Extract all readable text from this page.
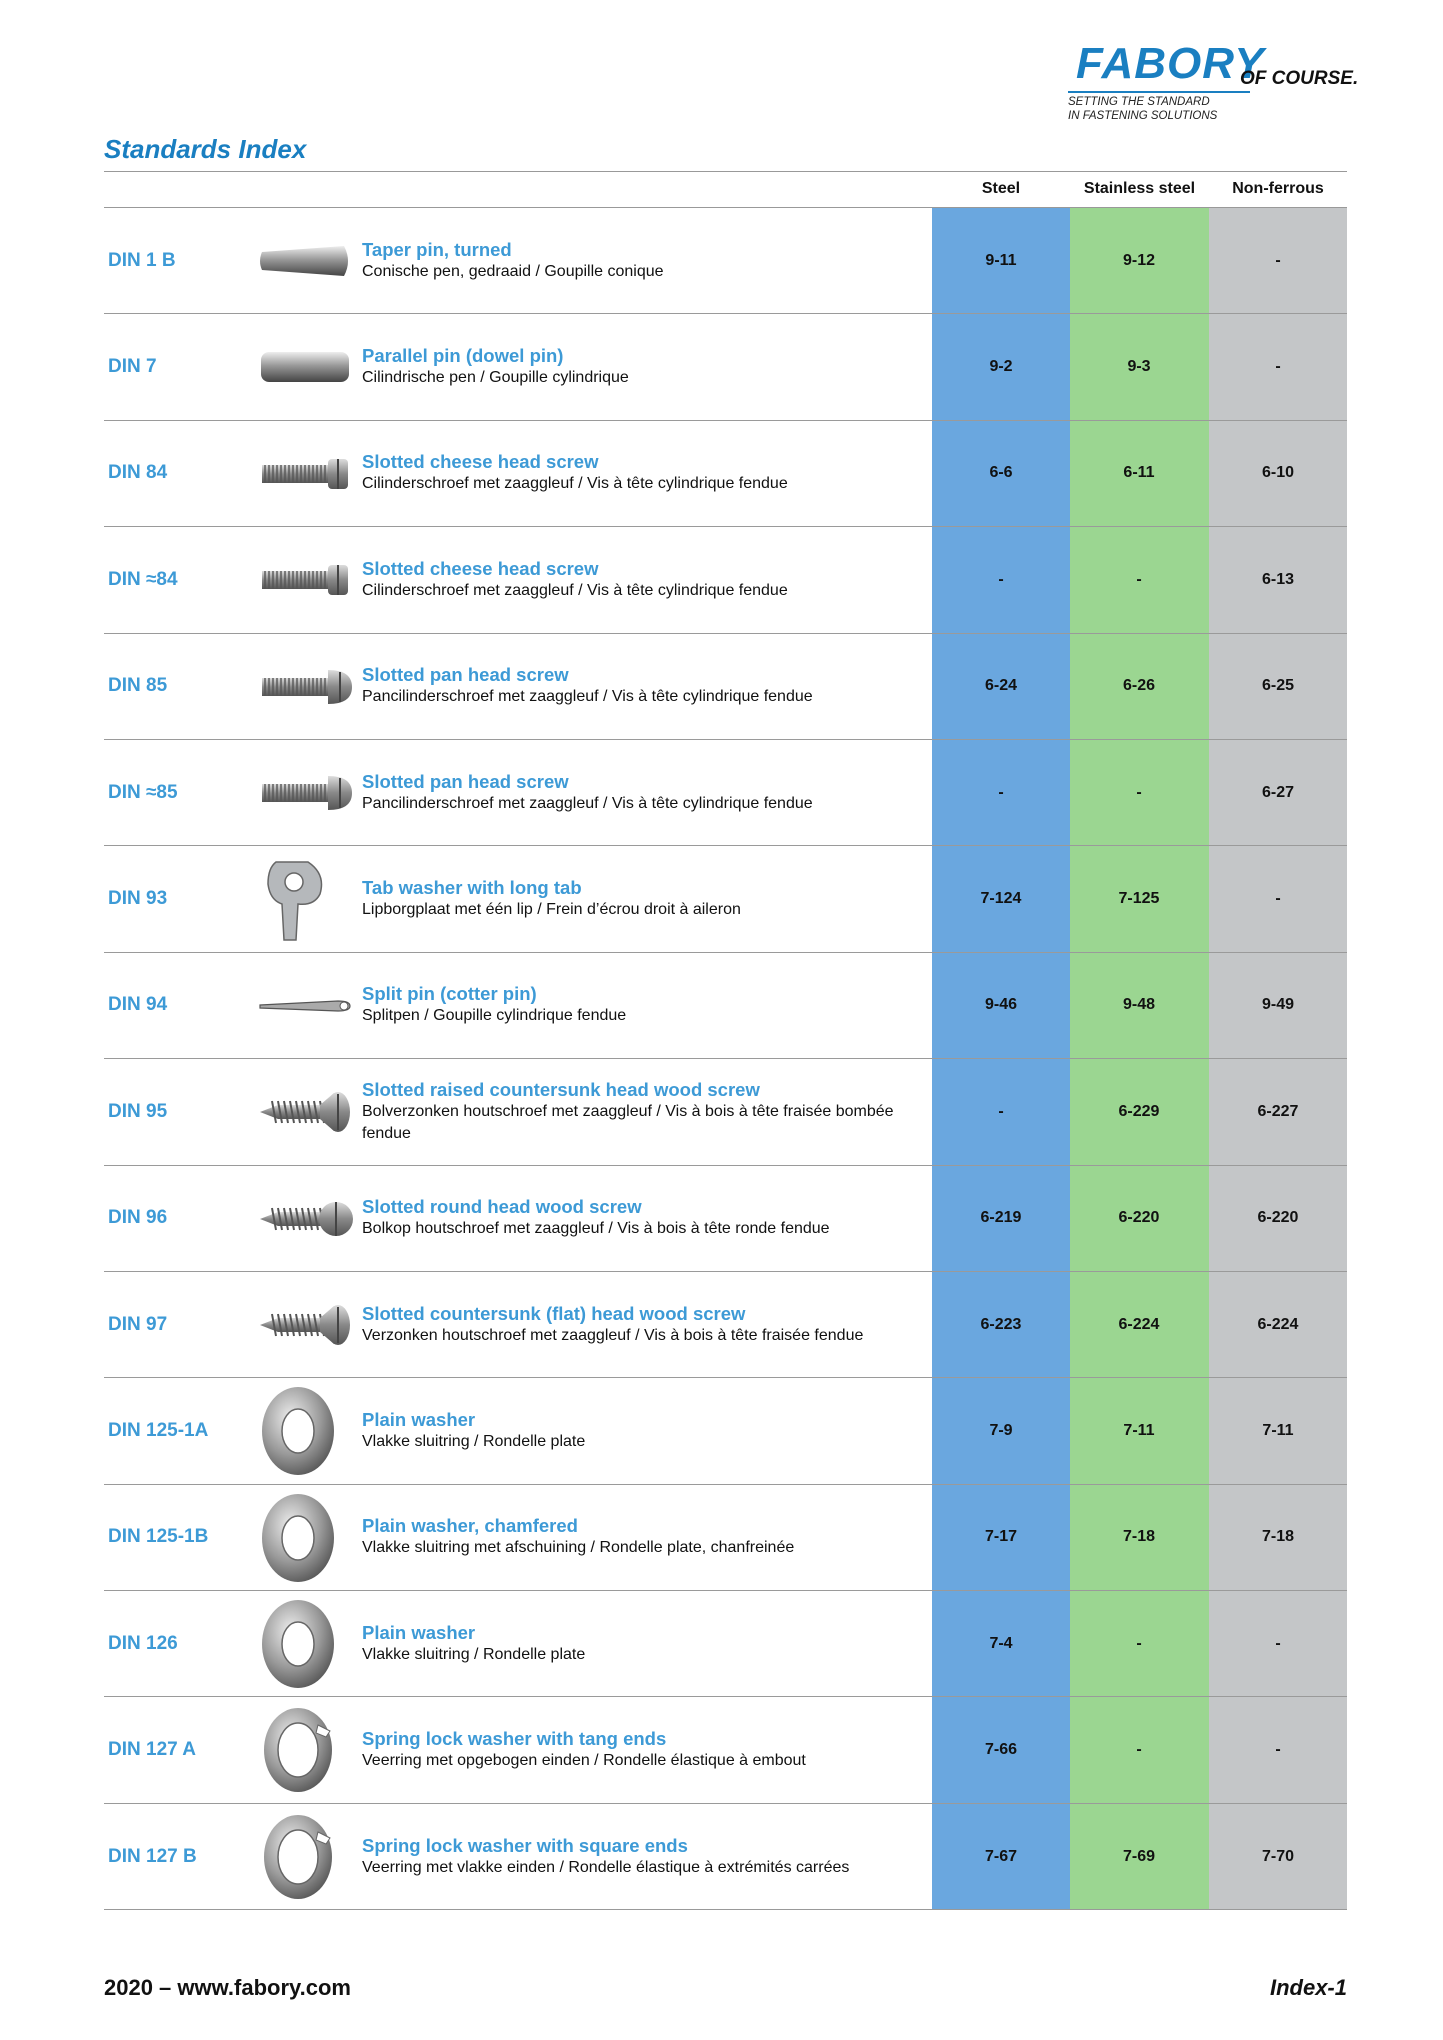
FABORY
OF COURSE.
SETTING THE STANDARD
IN FASTENING SOLUTIONS
Standards Index
Steel	Stainless steel	Non-ferrous
DIN 1 B
Taper pin, turned
Conische pen, gedraaid / Goupille conique
9-11	9-12	-
DIN 7
Parallel pin (dowel pin)
Cilindrische pen / Goupille cylindrique
9-2	9-3	-
DIN 84
Slotted cheese head screw
Cilinderschroef met zaaggleuf / Vis à tête cylindrique fendue
6-6	6-11	6-10
DIN ≈84
Slotted cheese head screw
Cilinderschroef met zaaggleuf / Vis à tête cylindrique fendue
-	-	6-13
DIN 85
Slotted pan head screw
Pancilinderschroef met zaaggleuf / Vis à tête cylindrique fendue
6-24	6-26	6-25
DIN ≈85
Slotted pan head screw
Pancilinderschroef met zaaggleuf / Vis à tête cylindrique fendue
-	-	6-27
DIN 93
Tab washer with long tab
Lipborgplaat met één lip / Frein d’écrou droit à aileron
7-124	7-125	-
DIN 94
Split pin (cotter pin)
Splitpen / Goupille cylindrique fendue
9-46	9-48	9-49
DIN 95
Slotted raised countersunk head wood screw
Bolverzonken houtschroef met zaaggleuf / Vis à bois à tête fraisée bombée fendue
-	6-229	6-227
DIN 96
Slotted round head wood screw
Bolkop houtschroef met zaaggleuf / Vis à bois à tête ronde fendue
6-219	6-220	6-220
DIN 97
Slotted countersunk (flat) head wood screw
Verzonken houtschroef met zaaggleuf / Vis à bois à tête fraisée fendue
6-223	6-224	6-224
DIN 125-1A
Plain washer
Vlakke sluitring / Rondelle plate
7-9	7-11	7-11
DIN 125-1B
Plain washer, chamfered
Vlakke sluitring met afschuining / Rondelle plate, chanfreinée
7-17	7-18	7-18
DIN 126
Plain washer
Vlakke sluitring / Rondelle plate
7-4	-	-
DIN 127 A
Spring lock washer with tang ends
Veerring met opgebogen einden / Rondelle élastique à embout
7-66	-	-
DIN 127 B
Spring lock washer with square ends
Veerring met vlakke einden / Rondelle élastique à extrémités carrées
7-67	7-69	7-70
2020 – www.fabory.com	Index-1
